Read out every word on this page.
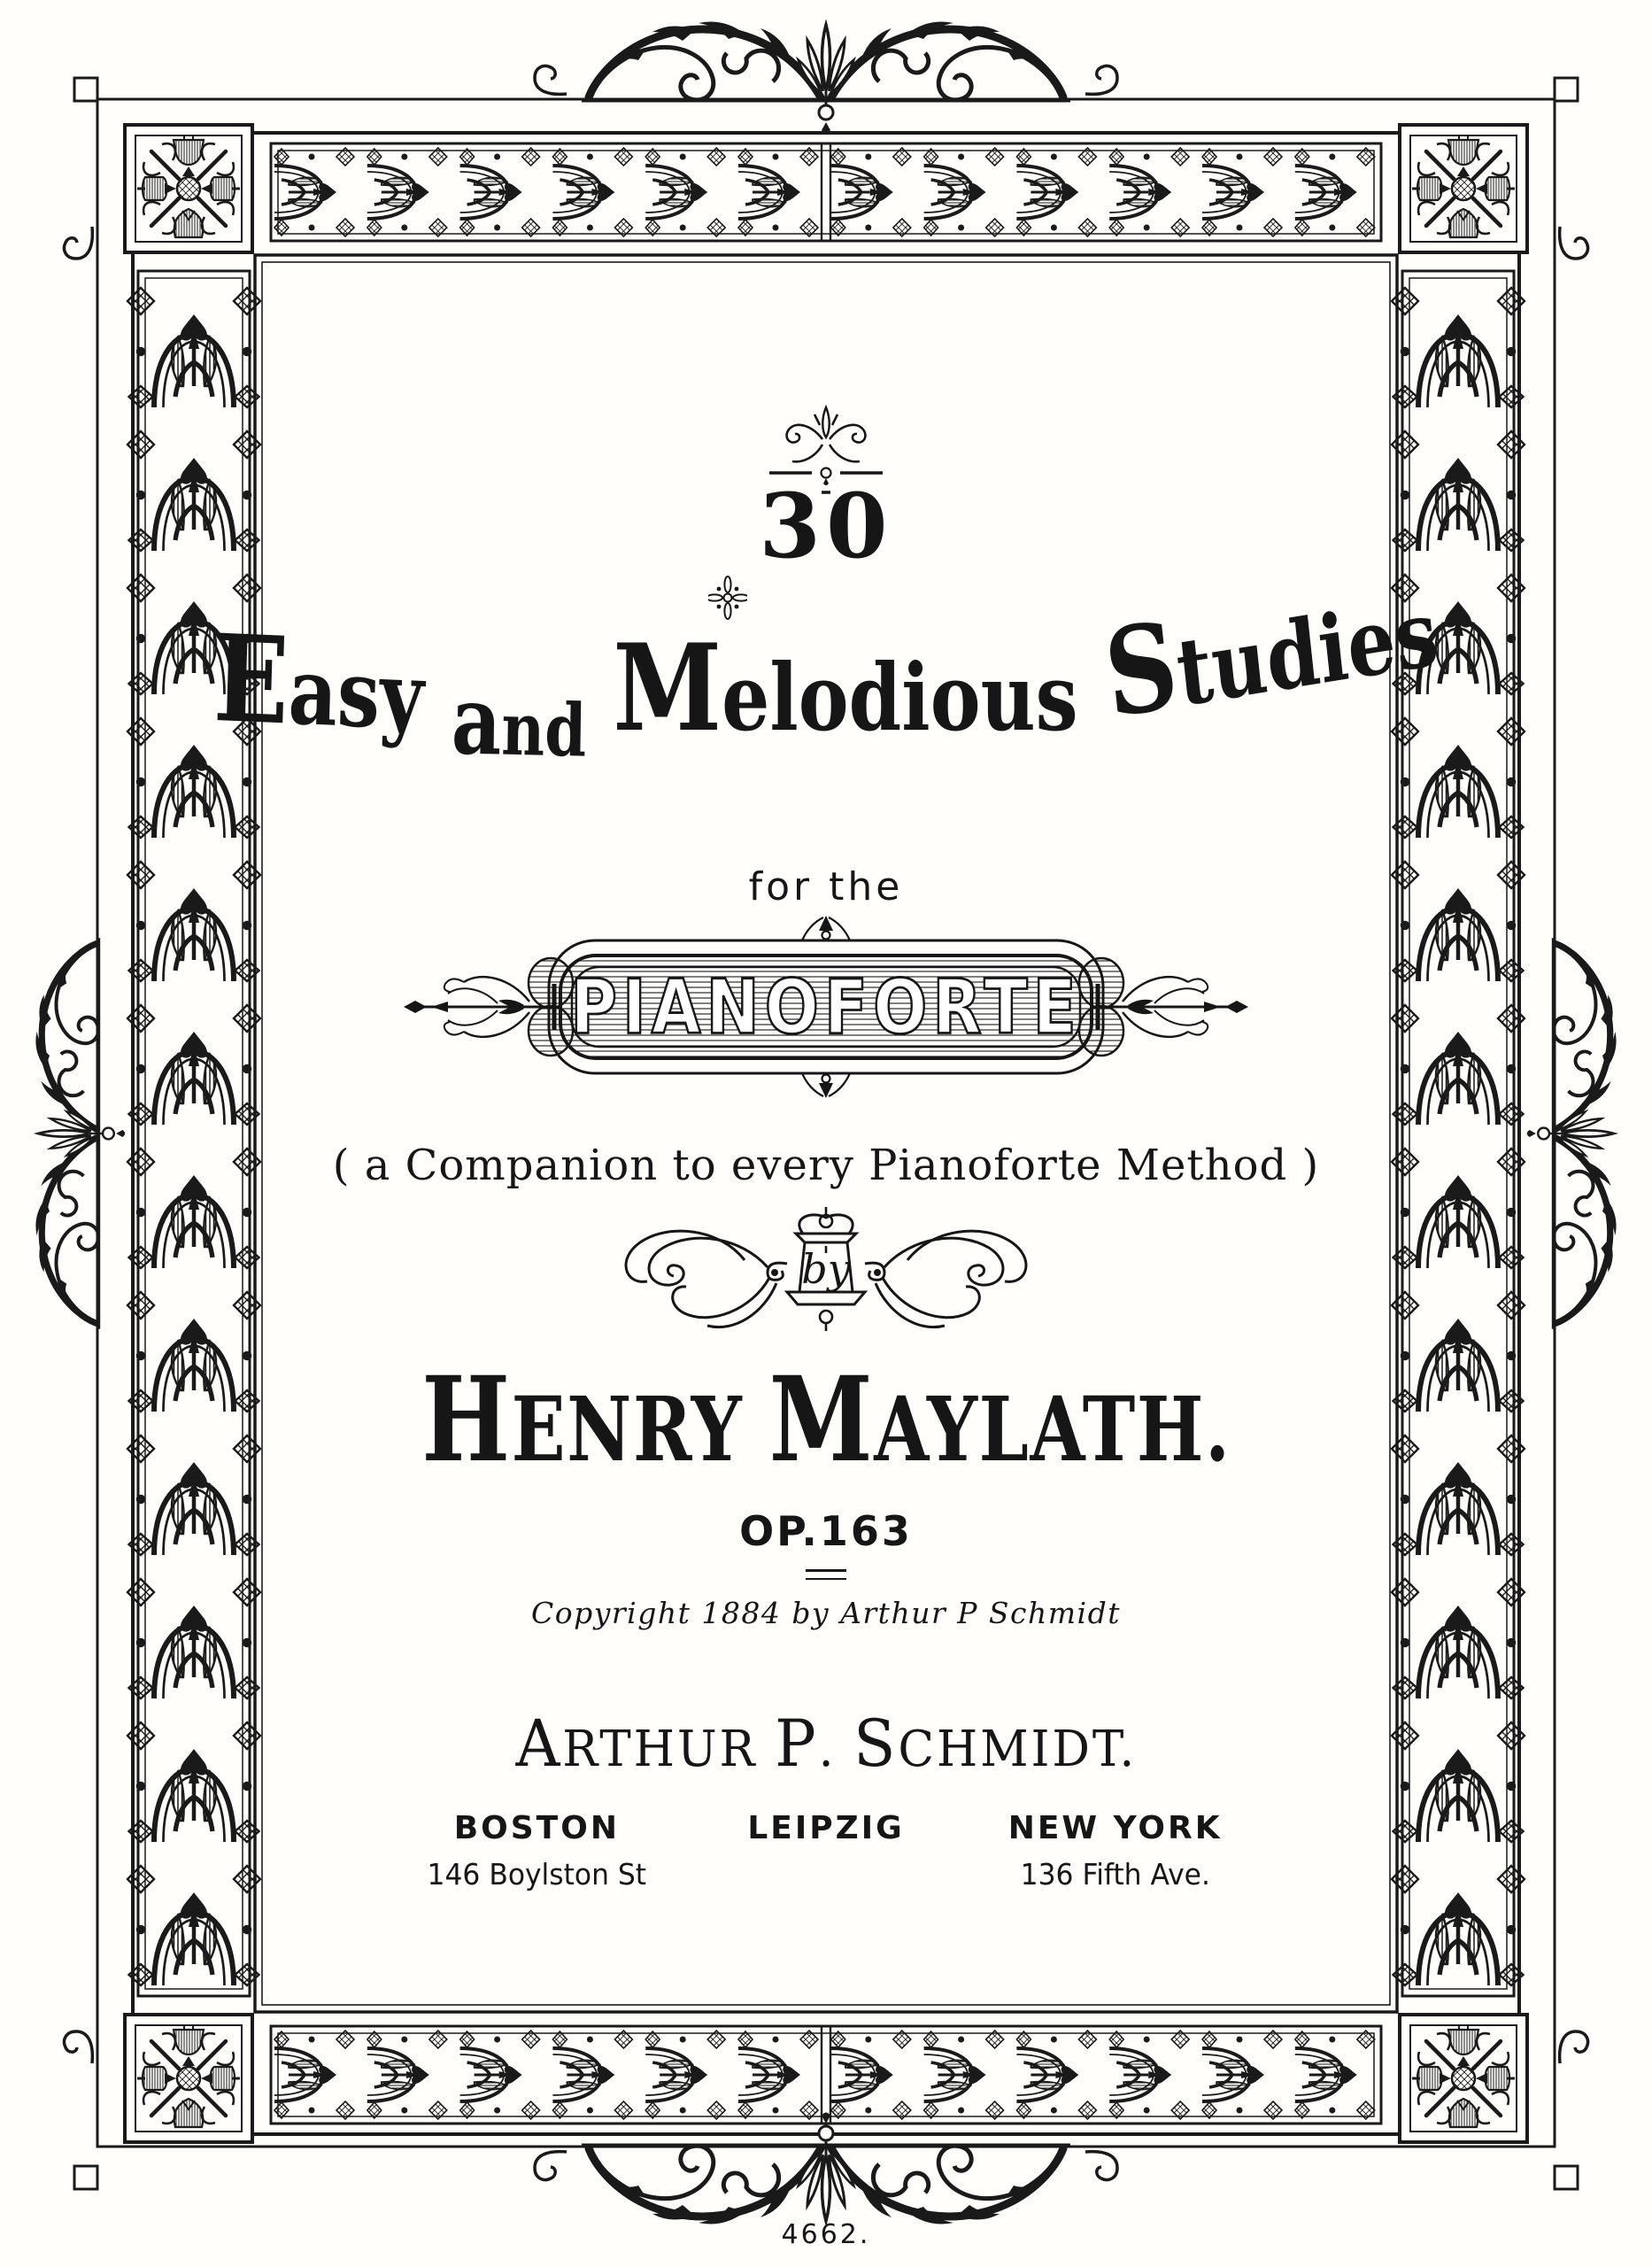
30
Easy and Melodious Studies
for the
PIANOFORTE
( a Companion to every Pianoforte Method )
by
HENRY MAYLATH.
OP.163
Copyright 1884 by Arthur P Schmidt
ARTHUR P. SCHMIDT.
BOSTON
146 Boylston St
LEIPZIG	NEW YORK
136 Fifth Ave.
4662.
